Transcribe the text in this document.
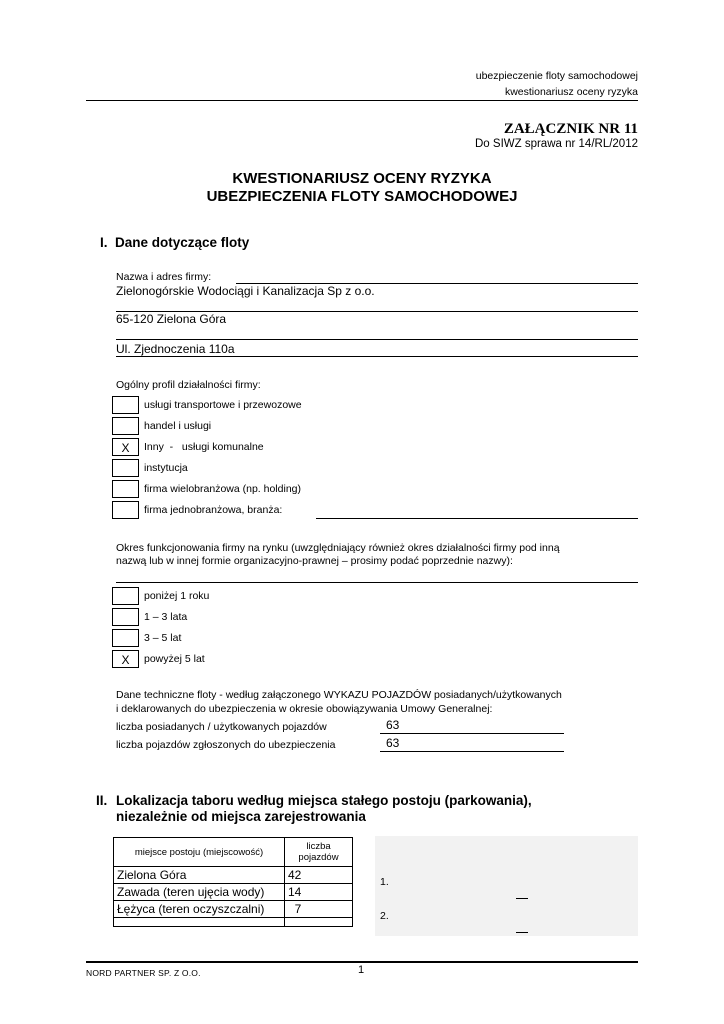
ubezpieczenie floty samochodowej
kwestionariusz oceny ryzyka
ZAŁĄCZNIK NR 11
Do SIWZ sprawa nr 14/RL/2012
KWESTIONARIUSZ OCENY RYZYKA
UBEZPIECZENIA FLOTY SAMOCHODOWEJ
I.  Dane dotyczące floty
Nazwa i adres firmy:
Zielonogórskie Wodociągi i Kanalizacja Sp z o.o.
65-120 Zielona Góra
Ul. Zjednoczenia 110a
Ogólny profil działalności firmy:
usługi transportowe i przewozowe
handel i usługi
X	Inny  -   usługi komunalne
instytucja
firma wielobranżowa (np. holding)
firma jednobranżowa, branża:
Okres funkcjonowania firmy na rynku (uwzględniający również okres działalności firmy pod inną
nazwą lub w innej formie organizacyjno-prawnej – prosimy podać poprzednie nazwy):
poniżej 1 roku
1 – 3 lata
3 – 5 lat
X	powyżej 5 lat
Dane techniczne floty - według załączonego WYKAZU POJAZDÓW posiadanych/użytkowanych
i deklarowanych do ubezpieczenia w okresie obowiązywania Umowy Generalnej:
liczba posiadanych / użytkowanych pojazdów	63
liczba pojazdów zgłoszonych do ubezpieczenia	63
II. Lokalizacja taboru według miejsca stałego postoju (parkowania),
niezależnie od miejsca zarejestrowania
miejsce postoju (miejscowość)	liczba pojazdów
Zielona Góra	42
Zawada (teren ujęcia wody)	14
Łężyca (teren oczyszczalni)	7

1.
2.
NORD PARTNER SP. Z O.O.	1
